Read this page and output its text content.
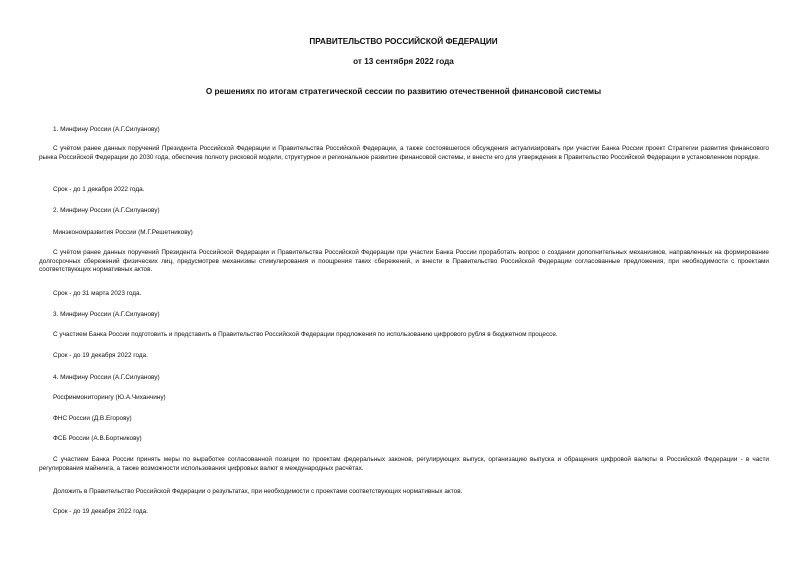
ПРАВИТЕЛЬСТВО РОССИЙСКОЙ ФЕДЕРАЦИИ
от 13 сентября 2022 года
О решениях по итогам стратегической сессии по развитию отечественной финансовой системы
1. Минфину России (А.Г.Силуанову)
С учётом ранее данных поручений Президента Российской Федерации и Правительства Российской Федерации, а также состоявшегося обсуждения актуализировать при участии Банка России проект Стратегии развития финансового рынка Российской Федерации до 2030 года, обеспечив полноту рисковой модели, структурное и региональное развитие финансовой системы, и внести его для утверждения в Правительство Российской Федерации в установленном порядке.
Срок - до 1 декабря 2022 года.
2. Минфину России (А.Г.Силуанову)
Минэкономразвития России (М.Г.Решетникову)
С учётом ранее данных поручений Президента Российской Федерации и Правительства Российской Федерации при участии Банка России проработать вопрос о создании дополнительных механизмов, направленных на формирование долгосрочных сбережений физических лиц, предусмотрев механизмы стимулирования и поощрения таких сбережений, и внести в Правительство Российской Федерации согласованные предложения, при необходимости с проектами соответствующих нормативных актов.
Срок - до 31 марта 2023 года.
3. Минфину России (А.Г.Силуанову)
С участием Банка России подготовить и представить в Правительство Российской Федерации предложения по использованию цифрового рубля в бюджетном процессе.
Срок - до 19 декабря 2022 года.
4. Минфину России (А.Г.Силуанову)
Росфинмониторингу (Ю.А.Чиханчину)
ФНС России (Д.В.Егорову)
ФСБ России (А.В.Бортникову)
С участием Банка России принять меры по выработке согласованной позиции по проектам федеральных законов, регулирующих выпуск, организацию выпуска и обращения цифровой валюты в Российской Федерации - в части регулирования майнинга, а также возможности использования цифровых валют в международных расчётах.
Доложить в Правительство Российской Федерации о результатах, при необходимости с проектами соответствующих нормативных актов.
Срок - до 19 декабря 2022 года.
